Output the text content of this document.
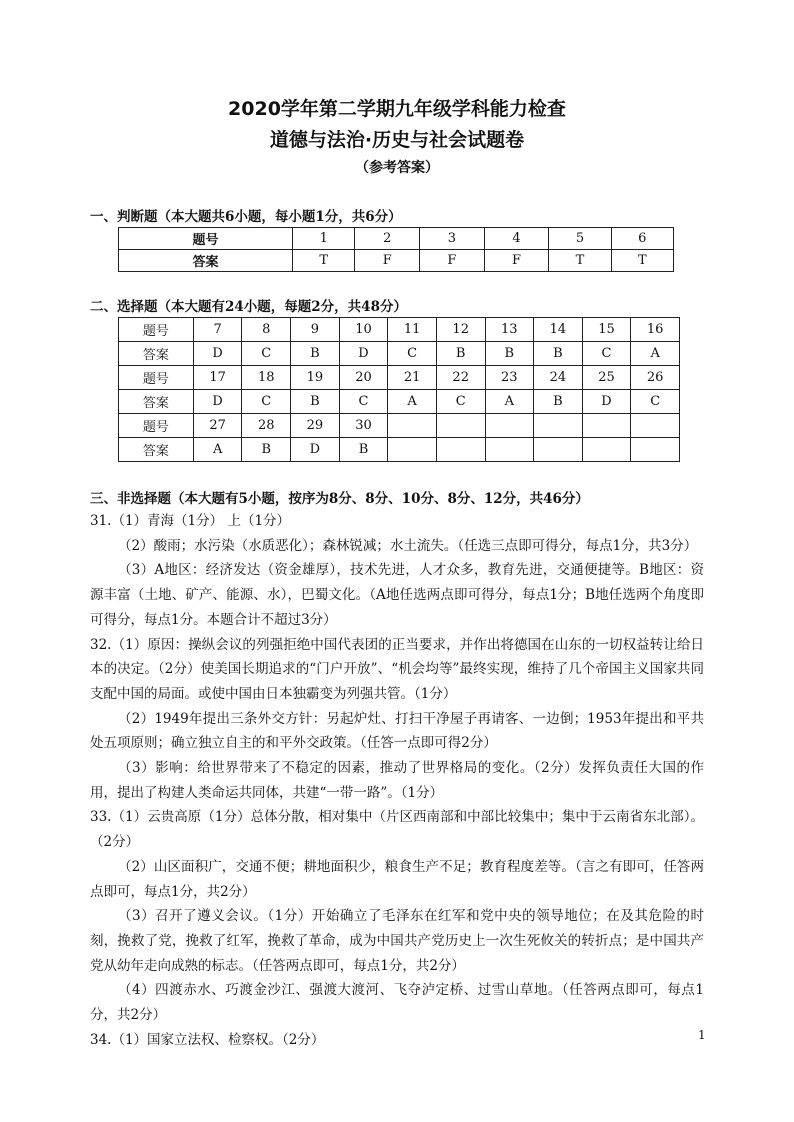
2020学年第二学期九年级学科能力检查
道德与法治·历史与社会试题卷
（参考答案）
一、判断题（本大题共6小题，每小题1分，共6分）
题号	1	2	3	4	5	6
答案	T	F	F	F	T	T
二、选择题（本大题有24小题，每题2分，共48分）
题号	7	8	9	10	11	12	13	14	15	16
答案	D	C	B	D	C	B	B	B	C	A
题号	17	18	19	20	21	22	23	24	25	26
答案	D	C	B	C	A	C	A	B	D	C
题号	27	28	29	30						
答案	A	B	D	B						
三、非选择题（本大题有5小题，按序为8分、8分、10分、8分、12分，共46分）

31.（1）青海（1分） 上（1分）

（2）酸雨；水污染（水质恶化）；森林锐减；水土流失。（任选三点即可得分，每点1分，共3分）

（3）A地区：经济发达（资金雄厚），技术先进，人才众多，教育先进，交通便捷等。B地区：资源丰富（土地、矿产、能源、水），巴蜀文化。（A地任选两点即可得分，每点1分；B地任选两个角度即可得分，每点1分。本题合计不超过3分）

32.（1）原因：操纵会议的列强拒绝中国代表团的正当要求，并作出将德国在山东的一切权益转让给日本的决定。（2分）使美国长期追求的“门户开放”、“机会均等”最终实现，维持了几个帝国主义国家共同支配中国的局面。或使中国由日本独霸变为列强共管。（1分）

（2）1949年提出三条外交方针：另起炉灶、打扫干净屋子再请客、一边倒；1953年提出和平共处五项原则；确立独立自主的和平外交政策。（任答一点即可得2分）

（3）影响：给世界带来了不稳定的因素，推动了世界格局的变化。（2分）发挥负责任大国的作用，提出了构建人类命运共同体，共建“一带一路”。（1分）

33.（1）云贵高原（1分）总体分散，相对集中（片区西南部和中部比较集中；集中于云南省东北部）。（2分）

（2）山区面积广，交通不便；耕地面积少，粮食生产不足；教育程度差等。（言之有即可，任答两点即可，每点1分，共2分）

（3）召开了遵义会议。（1分）开始确立了毛泽东在红军和党中央的领导地位；在及其危险的时刻，挽救了党，挽救了红军，挽救了革命，成为中国共产党历史上一次生死攸关的转折点；是中国共产党从幼年走向成熟的标志。（任答两点即可，每点1分，共2分）

（4）四渡赤水、巧渡金沙江、强渡大渡河、飞夺泸定桥、过雪山草地。（任答两点即可，每点1分，共2分）

34.（1）国家立法权、检察权。（2分）	1
